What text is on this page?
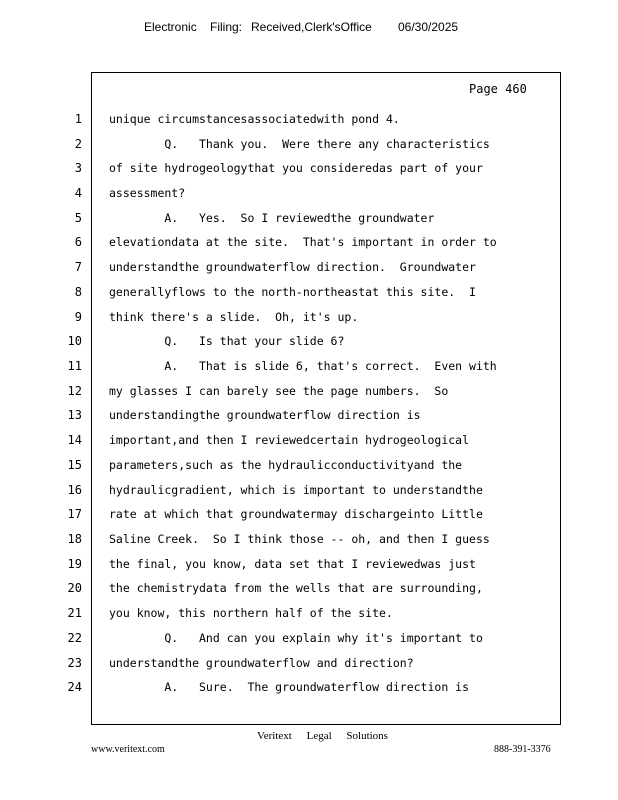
Electronic Filing: Received,Clerk'sOffice 06/30/2025
Page 460
1 unique circumstancesassociatedwith pond 4.
2 Q.   Thank you.  Were there any characteristics
3 of site hydrogeologythat you consideredas part of your
4 assessment?
5 A.   Yes.  So I reviewedthe groundwater
6 elevationdata at the site.  That's important in order to
7 understandthe groundwaterflow direction.  Groundwater
8 generallyflows to the north-northeastat this site.  I
9 think there's a slide.  Oh, it's up.
10 Q.   Is that your slide 6?
11 A.   That is slide 6, that's correct.  Even with
12 my glasses I can barely see the page numbers.  So
13 understandingthe groundwaterflow direction is
14 important,and then I reviewedcertain hydrogeological
15 parameters,such as the hydraulicconductivityand the
16 hydraulicgradient, which is important to understandthe
17 rate at which that groundwatermay dischargeinto Little
18 Saline Creek.  So I think those -- oh, and then I guess
19 the final, you know, data set that I reviewedwas just
20 the chemistrydata from the wells that are surrounding,
21 you know, this northern half of the site.
22 Q.   And can you explain why it's important to
23 understandthe groundwaterflow and direction?
24 A.   Sure.  The groundwaterflow direction is
Veritext Legal Solutions
www.veritext.com	888-391-3376
